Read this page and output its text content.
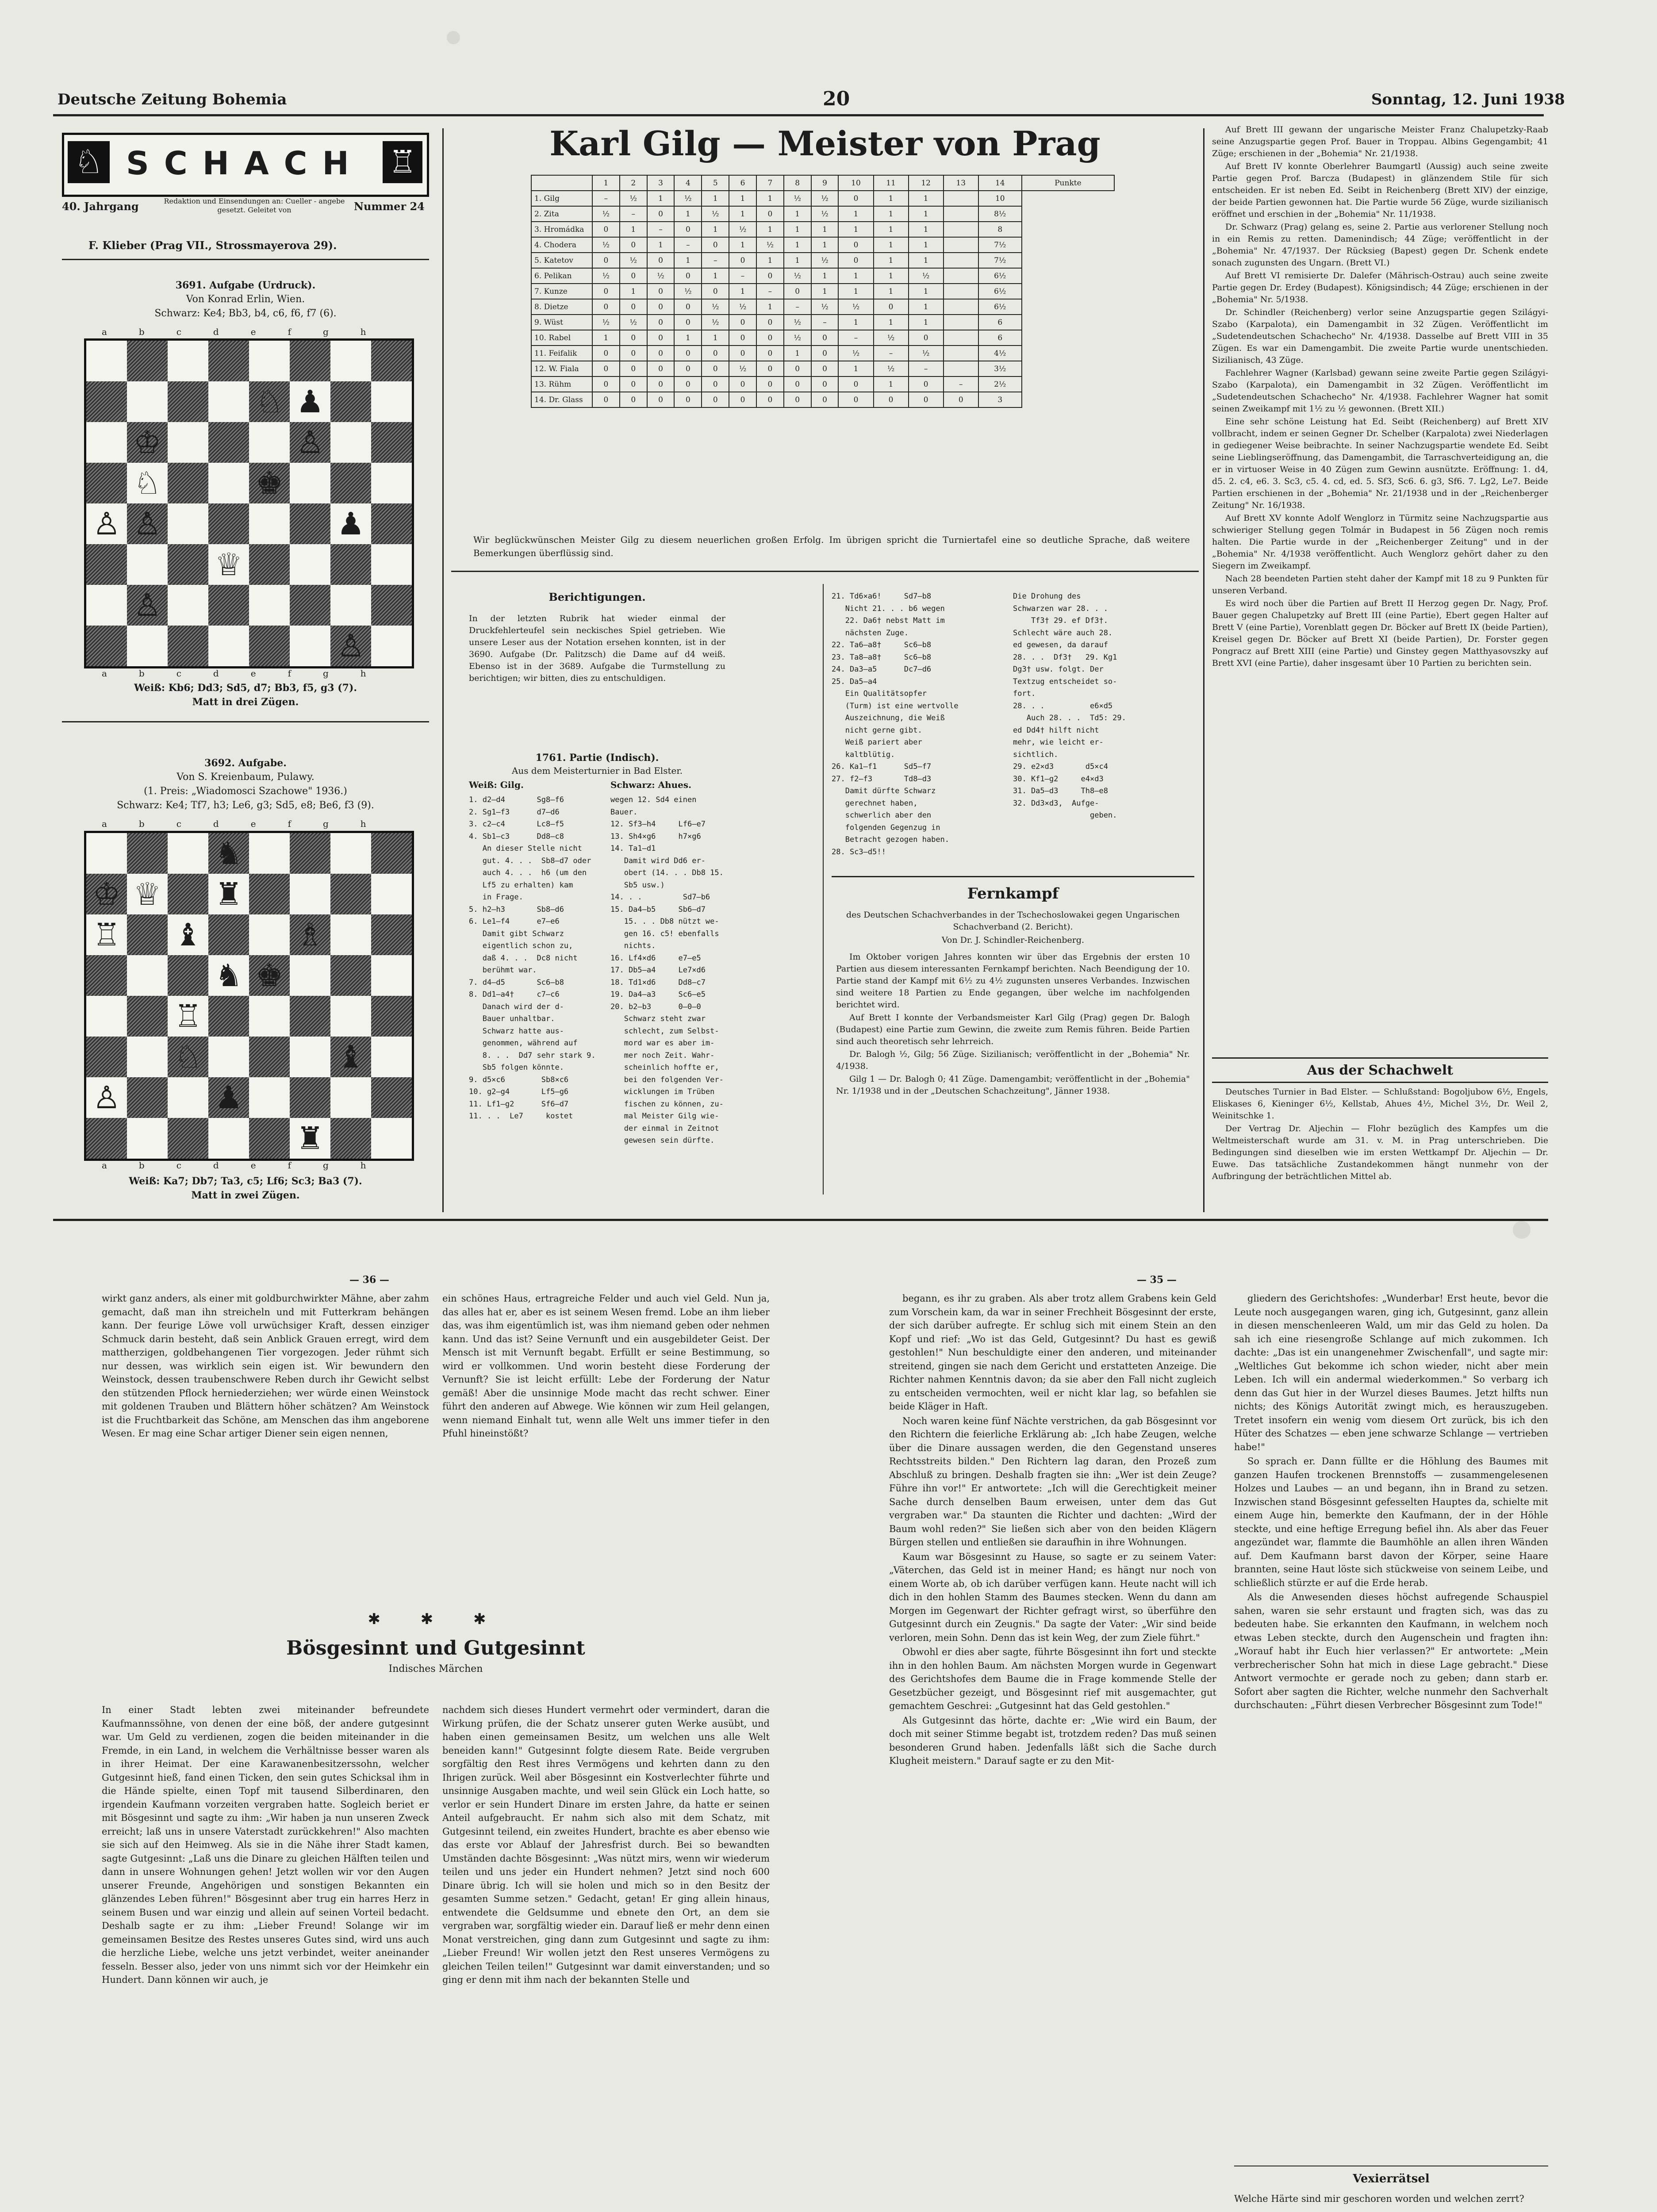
Deutsche Zeitung Bohemia	20	Sonntag, 12. Juni 1938
♘ SCHACH ♖
40. Jahrgang	Redaktion und Einsendungen an: Cueller - angebe gesetzt. Geleitet von	Nummer 24
F. Klieber (Prag VII., Strossmayerova 29).
3691. Aufgabe (Urdruck).
Von Konrad Erlin, Wien.
Schwarz: Ke4; Bb3, b4, c6, f6, f7 (6).
abcdefgh
♘ ♟
♔	♙
♘	♚
♙ ♙	♟
♕
♙
♙
abcdefgh
Weiß: Kb6; Dd3; Sd5, d7; Bb3, f5, g3 (7).
Matt in drei Zügen.
3692. Aufgabe.
Von S. Kreienbaum, Pulawy.
(1. Preis: „Wiadomosci Szachowe" 1936.)
Schwarz: Ke4; Tf7, h3; Le6, g3; Sd5, e8; Be6, f3 (9).
abcdefgh
♞
♔ ♕ ♜
♖ ♝	♗
♞ ♚
♖
♘	♝
♙	♟
♜
abcdefgh
Weiß: Ka7; Db7; Ta3, c5; Lf6; Sc3; Ba3 (7).
Matt in zwei Zügen.
Karl Gilg — Meister von Prag
	1	2	3	4	5	6	7	8	9	10	11	12	13	14	Punkte
1. Gilg	–	½	1	½	1	1	1	½	½	0	1	1		10	
2. Zita	½	–	0	1	½	1	0	1	½	1	1	1		8½	
3. Hromádka	0	1	–	0	1	½	1	1	1	1	1	1		8	
4. Chodera	½	0	1	–	0	1	½	1	1	0	1	1		7½	
5. Katetov	0	½	0	1	–	0	1	1	½	0	1	1		7½	
6. Pelikan	½	0	½	0	1	–	0	½	1	1	1	½		6½	
7. Kunze	0	1	0	½	0	1	–	0	1	1	1	1		6½	
8. Dietze	0	0	0	0	½	½	1	–	½	½	0	1		6½	
9. Wüst	½	½	0	0	½	0	0	½	–	1	1	1		6	
10. Rabel	1	0	0	1	1	0	0	½	0	–	½	0		6	
11. Feifalik	0	0	0	0	0	0	0	1	0	½	–	½		4½	
12. W. Fiala	0	0	0	0	0	½	0	0	0	1	½	–		3½	
13. Rühm	0	0	0	0	0	0	0	0	0	0	1	0	–	2½	
14. Dr. Glass	0	0	0	0	0	0	0	0	0	0	0	0	0	3	
Wir beglückwünschen Meister Gilg zu diesem neuerlichen großen Erfolg. Im übrigen spricht die Turniertafel eine so deutliche Sprache, daß weitere Bemerkungen überflüssig sind.
Berichtigungen.
In der letzten Rubrik hat wieder einmal der Druckfehlerteufel sein neckisches Spiel getrieben. Wie unsere Leser aus der Notation ersehen konnten, ist in der 3690. Aufgabe (Dr. Palitzsch) die Dame auf d4 weiß. Ebenso ist in der 3689. Aufgabe die Turmstellung zu berichtigen; wir bitten, dies zu entschuldigen.
1761. Partie (Indisch).
Aus dem Meisterturnier in Bad Elster.
Weiß: Gilg.	Schwarz: Ahues.
1. d2—d4       Sg8—f6
2. Sg1—f3      d7—d6
3. c2—c4       Lc8—f5
4. Sb1—c3      Dd8—c8
An dieser Stelle nicht
gut. 4. . .  Sb8—d7 oder
auch 4. . .  h6 (um den
Lf5 zu erhalten) kam
in Frage.
5. h2—h3       Sb8—d6
6. Le1—f4      e7—e6
Damit gibt Schwarz
eigentlich schon zu,
daß 4. . .  Dc8 nicht
berühmt war.
7. d4—d5       Sc6—b8
8. Dd1—a4†     c7—c6
Danach wird der d-
Bauer unhaltbar.
Schwarz hatte aus-
genommen, während auf
8. . .  Dd7 sehr stark 9.
Sb5 folgen könnte.
9. d5×c6        Sb8×c6
10. g2—g4       Lf5—g6
11. Lf1—g2      Sf6—d7
11. . .  Le7     kostet
wegen 12. Sd4 einen
Bauer.
12. Sf3—h4     Lf6—e7
13. Sh4×g6     h7×g6
14. Ta1—d1
Damit wird Dd6 er-
obert (14. . . Db8 15.
Sb5 usw.)
14. . .         Sd7—b6
15. Da4—b5     Sb6—d7
15. . . Db8 nützt we-
gen 16. c5! ebenfalls
nichts.
16. Lf4×d6     e7—e5
17. Db5—a4     Le7×d6
18. Td1×d6     Dd8—c7
19. Da4—a3     Sc6—e5
20. b2—b3      0—0—0
Schwarz steht zwar
schlecht, zum Selbst-
mord war es aber im-
mer noch Zeit. Wahr-
scheinlich hoffte er,
bei den folgenden Ver-
wicklungen im Trüben
fischen zu können, zu-
mal Meister Gilg wie-
der einmal in Zeitnot
gewesen sein dürfte.
21. Td6×a6!     Sd7—b8
Nicht 21. . . b6 wegen
22. Da6† nebst Matt im
nächsten Zuge.
22. Ta6—a8†     Sc6—b8
23. Ta8—a8†     Sc6—b8
24. Da3—a5      Dc7—d6
25. Da5—a4
Ein Qualitätsopfer
(Turm) ist eine wertvolle
Auszeichnung, die Weiß
nicht gerne gibt.
Weiß pariert aber
kaltblütig.
26. Ka1—f1      Sd5—f7
27. f2—f3       Td8—d3
Damit dürfte Schwarz
gerechnet haben,
schwerlich aber den
folgenden Gegenzug in
Betracht gezogen haben.
28. Sc3—d5!!
Die Drohung des
Schwarzen war 28. . .
Tf3† 29. ef Df3†.
Schlecht wäre auch 28.
ed gewesen, da darauf
28. . .  Df3†   29. Kg1
Dg3† usw. folgt. Der
Textzug entscheidet so-
fort.
28. . .          e6×d5
Auch 28. . .  Td5: 29.
ed Dd4† hilft nicht
mehr, wie leicht er-
sichtlich.
29. e2×d3       d5×c4
30. Kf1—g2     e4×d3
31. Da5—d3     Th8—e8
32. Dd3×d3,  Aufge-
geben.
Fernkampf
des Deutschen Schachverbandes in der Tschechoslowakei gegen Ungarischen Schachverband (2. Bericht).
Von Dr. J. Schindler-Reichenberg.

Im Oktober vorigen Jahres konnten wir über das Ergebnis der ersten 10 Partien aus diesem interessanten Fernkampf berichten. Nach Beendigung der 10. Partie stand der Kampf mit 6½ zu 4½ zugunsten unseres Verbandes. Inzwischen sind weitere 18 Partien zu Ende gegangen, über welche im nachfolgenden berichtet wird.

Auf Brett I konnte der Verbandsmeister Karl Gilg (Prag) gegen Dr. Balogh (Budapest) eine Partie zum Gewinn, die zweite zum Remis führen. Beide Partien sind auch theoretisch sehr lehrreich.

Dr. Balogh ½, Gilg; 56 Züge. Sizilianisch; veröffentlicht in der „Bohemia" Nr. 4/1938.

Gilg 1 — Dr. Balogh 0; 41 Züge. Damengambit; veröffentlicht in der „Bohemia" Nr. 1/1938 und in der „Deutschen Schachzeitung", Jänner 1938.

Auf Brett III gewann der ungarische Meister Franz Chalupetzky-Raab seine Anzugspartie gegen Prof. Bauer in Troppau. Albins Gegengambit; 41 Züge; erschienen in der „Bohemia" Nr. 21/1938.

Auf Brett IV konnte Oberlehrer Baumgartl (Aussig) auch seine zweite Partie gegen Prof. Barcza (Budapest) in glänzendem Stile für sich entscheiden. Er ist neben Ed. Seibt in Reichenberg (Brett XIV) der einzige, der beide Partien gewonnen hat. Die Partie wurde 56 Züge, wurde sizilianisch eröffnet und erschien in der „Bohemia" Nr. 11/1938.

Dr. Schwarz (Prag) gelang es, seine 2. Partie aus verlorener Stellung noch in ein Remis zu retten. Damenindisch; 44 Züge; veröffentlicht in der „Bohemia" Nr. 47/1937. Der Rücksieg (Bapest) gegen Dr. Schenk endete sonach zugunsten des Ungarn. (Brett VI.)

Auf Brett VI remisierte Dr. Dalefer (Mährisch-Ostrau) auch seine zweite Partie gegen Dr. Erdey (Budapest). Königsindisch; 44 Züge; erschienen in der „Bohemia" Nr. 5/1938.

Dr. Schindler (Reichenberg) verlor seine Anzugspartie gegen Szilágyi-Szabo (Karpalota), ein Damengambit in 32 Zügen. Veröffentlicht im „Sudetendeutschen Schachecho" Nr. 4/1938. Dasselbe auf Brett VIII in 35 Zügen. Es war ein Damengambit. Die zweite Partie wurde unentschieden. Sizilianisch, 43 Züge.

Fachlehrer Wagner (Karlsbad) gewann seine zweite Partie gegen Szilágyi-Szabo (Karpalota), ein Damengambit in 32 Zügen. Veröffentlicht im „Sudetendeutschen Schachecho" Nr. 4/1938. Fachlehrer Wagner hat somit seinen Zweikampf mit 1½ zu ½ gewonnen. (Brett XII.)

Eine sehr schöne Leistung hat Ed. Seibt (Reichenberg) auf Brett XIV vollbracht, indem er seinen Gegner Dr. Schelber (Karpalota) zwei Niederlagen in gediegener Weise beibrachte. In seiner Nachzugspartie wendete Ed. Seibt seine Lieblingseröffnung, das Damengambit, die Tarraschverteidigung an, die er in virtuoser Weise in 40 Zügen zum Gewinn ausnützte. Eröffnung: 1. d4, d5. 2. c4, e6. 3. Sc3, c5. 4. cd, ed. 5. Sf3, Sc6. 6. g3, Sf6. 7. Lg2, Le7. Beide Partien erschienen in der „Bohemia" Nr. 21/1938 und in der „Reichenberger Zeitung" Nr. 16/1938.

Auf Brett XV konnte Adolf Wenglorz in Türmitz seine Nachzugspartie aus schwieriger Stellung gegen Tolmár in Budapest in 56 Zügen noch remis halten. Die Partie wurde in der „Reichenberger Zeitung" und in der „Bohemia" Nr. 4/1938 veröffentlicht. Auch Wenglorz gehört daher zu den Siegern im Zweikampf.

Nach 28 beendeten Partien steht daher der Kampf mit 18 zu 9 Punkten für unseren Verband.

Es wird noch über die Partien auf Brett II Herzog gegen Dr. Nagy, Prof. Bauer gegen Chalupetzky auf Brett III (eine Partie), Ebert gegen Halter auf Brett V (eine Partie), Vorenblatt gegen Dr. Böcker auf Brett IX (beide Partien), Kreisel gegen Dr. Böcker auf Brett XI (beide Partien), Dr. Forster gegen Pongracz auf Brett XIII (eine Partie) und Ginstey gegen Matthyasovszky auf Brett XVI (eine Partie), daher insgesamt über 10 Partien zu berichten sein.

Aus der Schachwelt

Deutsches Turnier in Bad Elster. — Schlußstand: Bogoljubow 6½, Engels, Eliskases 6, Kieninger 6½, Kellstab, Ahues 4½, Michel 3½, Dr. Weil 2, Weinitschke 1.

Der Vertrag Dr. Aljechin — Flohr bezüglich des Kampfes um die Weltmeisterschaft wurde am 31. v. M. in Prag unterschrieben. Die Bedingungen sind dieselben wie im ersten Wettkampf Dr. Aljechin — Dr. Euwe. Das tatsächliche Zustandekommen hängt nunmehr von der Aufbringung der beträchtlichen Mittel ab.

— 36 —	— 35 —
wirkt ganz anders, als einer mit goldburchwirkter Mähne, aber zahm gemacht, daß man ihn streicheln und mit Futterkram behängen kann. Der feurige Löwe voll urwüchsiger Kraft, dessen einziger Schmuck darin besteht, daß sein Anblick Grauen erregt, wird dem mattherzigen, goldbehangenen Tier vorgezogen. Jeder rühmt sich nur dessen, was wirklich sein eigen ist. Wir bewundern den Weinstock, dessen traubenschwere Reben durch ihr Gewicht selbst den stützenden Pflock herniederziehen; wer würde einen Weinstock mit goldenen Trauben und Blättern höher schätzen? Am Weinstock ist die Fruchtbarkeit das Schöne, am Menschen das ihm angeborene Wesen. Er mag eine Schar artiger Diener sein eigen nennen,
ein schönes Haus, ertragreiche Felder und auch viel Geld. Nun ja, das alles hat er, aber es ist seinem Wesen fremd. Lobe an ihm lieber das, was ihm eigentümlich ist, was ihm niemand geben oder nehmen kann. Und das ist? Seine Vernunft und ein ausgebildeter Geist. Der Mensch ist mit Vernunft begabt. Erfüllt er seine Bestimmung, so wird er vollkommen. Und worin besteht diese Forderung der Vernunft? Sie ist leicht erfüllt: Lebe der Forderung der Natur gemäß! Aber die unsinnige Mode macht das recht schwer. Einer führt den anderen auf Abwege. Wie können wir zum Heil gelangen, wenn niemand Einhalt tut, wenn alle Welt uns immer tiefer in den Pfuhl hineinstößt?
✱ ✱ ✱
Bösgesinnt und Gutgesinnt
Indisches Märchen
In einer Stadt lebten zwei miteinander befreundete Kaufmannssöhne, von denen der eine böß, der andere gutgesinnt war. Um Geld zu verdienen, zogen die beiden miteinander in die Fremde, in ein Land, in welchem die Verhältnisse besser waren als in ihrer Heimat. Der eine Karawanenbesitzerssohn, welcher Gutgesinnt hieß, fand einen Ticken, den sein gutes Schicksal ihm in die Hände spielte, einen Topf mit tausend Silberdinaren, den irgendein Kaufmann vorzeiten vergraben hatte. Sogleich beriet er mit Bösgesinnt und sagte zu ihm: „Wir haben ja nun unseren Zweck erreicht; laß uns in unsere Vaterstadt zurückkehren!" Also machten sie sich auf den Heimweg. Als sie in die Nähe ihrer Stadt kamen, sagte Gutgesinnt: „Laß uns die Dinare zu gleichen Hälften teilen und dann in unsere Wohnungen gehen! Jetzt wollen wir vor den Augen unserer Freunde, Angehörigen und sonstigen Bekannten ein glänzendes Leben führen!" Bösgesinnt aber trug ein harres Herz in seinem Busen und war einzig und allein auf seinen Vorteil bedacht. Deshalb sagte er zu ihm: „Lieber Freund! Solange wir im gemeinsamen Besitze des Restes unseres Gutes sind, wird uns auch die herzliche Liebe, welche uns jetzt verbindet, weiter aneinander fesseln. Besser also, jeder von uns nimmt sich vor der Heimkehr ein Hundert. Dann können wir auch, je
nachdem sich dieses Hundert vermehrt oder vermindert, daran die Wirkung prüfen, die der Schatz unserer guten Werke ausübt, und haben einen gemeinsamen Besitz, um welchen uns alle Welt beneiden kann!" Gutgesinnt folgte diesem Rate. Beide vergruben sorgfältig den Rest ihres Vermögens und kehrten dann zu den Ihrigen zurück. Weil aber Bösgesinnt ein Kostverlechter führte und unsinnige Ausgaben machte, und weil sein Glück ein Loch hatte, so verlor er sein Hundert Dinare im ersten Jahre, da hatte er seinen Anteil aufgebraucht. Er nahm sich also mit dem Schatz, mit Gutgesinnt teilend, ein zweites Hundert, brachte es aber ebenso wie das erste vor Ablauf der Jahresfrist durch. Bei so bewandten Umständen dachte Bösgesinnt: „Was nützt mirs, wenn wir wiederum teilen und uns jeder ein Hundert nehmen? Jetzt sind noch 600 Dinare übrig. Ich will sie holen und mich so in den Besitz der gesamten Summe setzen." Gedacht, getan! Er ging allein hinaus, entwendete die Geldsumme und ebnete den Ort, an dem sie vergraben war, sorgfältig wieder ein. Darauf ließ er mehr denn einen Monat verstreichen, ging dann zum Gutgesinnt und sagte zu ihm: „Lieber Freund! Wir wollen jetzt den Rest unseres Vermögens zu gleichen Teilen teilen!" Gutgesinnt war damit einverstanden; und so ging er denn mit ihm nach der bekannten Stelle und

begann, es ihr zu graben. Als aber trotz allem Grabens kein Geld zum Vorschein kam, da war in seiner Frechheit Bösgesinnt der erste, der sich darüber aufregte. Er schlug sich mit einem Stein an den Kopf und rief: „Wo ist das Geld, Gutgesinnt? Du hast es gewiß gestohlen!" Nun beschuldigte einer den anderen, und miteinander streitend, gingen sie nach dem Gericht und erstatteten Anzeige. Die Richter nahmen Kenntnis davon; da sie aber den Fall nicht zugleich zu entscheiden vermochten, weil er nicht klar lag, so befahlen sie beide Kläger in Haft.

Noch waren keine fünf Nächte verstrichen, da gab Bösgesinnt vor den Richtern die feierliche Erklärung ab: „Ich habe Zeugen, welche über die Dinare aussagen werden, die den Gegenstand unseres Rechtsstreits bilden." Den Richtern lag daran, den Prozeß zum Abschluß zu bringen. Deshalb fragten sie ihn: „Wer ist dein Zeuge? Führe ihn vor!" Er antwortete: „Ich will die Gerechtigkeit meiner Sache durch denselben Baum erweisen, unter dem das Gut vergraben war." Da staunten die Richter und dachten: „Wird der Baum wohl reden?" Sie ließen sich aber von den beiden Klägern Bürgen stellen und entließen sie daraufhin in ihre Wohnungen.

Kaum war Bösgesinnt zu Hause, so sagte er zu seinem Vater: „Väterchen, das Geld ist in meiner Hand; es hängt nur noch von einem Worte ab, ob ich darüber verfügen kann. Heute nacht will ich dich in den hohlen Stamm des Baumes stecken. Wenn du dann am Morgen im Gegenwart der Richter gefragt wirst, so überführe den Gutgesinnt durch ein Zeugnis." Da sagte der Vater: „Wir sind beide verloren, mein Sohn. Denn das ist kein Weg, der zum Ziele führt."

Obwohl er dies aber sagte, führte Bösgesinnt ihn fort und steckte ihn in den hohlen Baum. Am nächsten Morgen wurde in Gegenwart des Gerichtshofes dem Baume die in Frage kommende Stelle der Gesetzbücher gezeigt, und Bösgesinnt rief mit ausgemachter, gut gemachtem Geschrei: „Gutgesinnt hat das Geld gestohlen."

Als Gutgesinnt das hörte, dachte er: „Wie wird ein Baum, der doch mit seiner Stimme begabt ist, trotzdem reden? Das muß seinen besonderen Grund haben. Jedenfalls läßt sich die Sache durch Klugheit meistern." Darauf sagte er zu den Mit-

gliedern des Gerichtshofes: „Wunderbar! Erst heute, bevor die Leute noch ausgegangen waren, ging ich, Gutgesinnt, ganz allein in diesen menschenleeren Wald, um mir das Geld zu holen. Da sah ich eine riesengroße Schlange auf mich zukommen. Ich dachte: „Das ist ein unangenehmer Zwischenfall", und sagte mir: „Weltliches Gut bekomme ich schon wieder, nicht aber mein Leben. Ich will ein andermal wiederkommen." So verbarg ich denn das Gut hier in der Wurzel dieses Baumes. Jetzt hilfts nun nichts; des Königs Autorität zwingt mich, es herauszugeben. Tretet insofern ein wenig vom diesem Ort zurück, bis ich den Hüter des Schatzes — eben jene schwarze Schlange — vertrieben habe!"

So sprach er. Dann füllte er die Höhlung des Baumes mit ganzen Haufen trockenen Brennstoffs — zusammengelesenen Holzes und Laubes — an und begann, ihn in Brand zu setzen. Inzwischen stand Bösgesinnt gefesselten Hauptes da, schielte mit einem Auge hin, bemerkte den Kaufmann, der in der Höhle steckte, und eine heftige Erregung befiel ihn. Als aber das Feuer angezündet war, flammte die Baumhöhle an allen ihren Wänden auf. Dem Kaufmann barst davon der Körper, seine Haare brannten, seine Haut löste sich stückweise von seinem Leibe, und schließlich stürzte er auf die Erde herab.

Als die Anwesenden dieses höchst aufregende Schauspiel sahen, waren sie sehr erstaunt und fragten sich, was das zu bedeuten habe. Sie erkannten den Kaufmann, in welchem noch etwas Leben steckte, durch den Augenschein und fragten ihn: „Worauf habt ihr Euch hier verlassen?" Er antwortete: „Mein verbrecherischer Sohn hat mich in diese Lage gebracht." Diese Antwort vermochte er gerade noch zu geben; dann starb er. Sofort aber sagten die Richter, welche nunmehr den Sachverhalt durchschauten: „Führt diesen Verbrecher Bösgesinnt zum Tode!"

Vexierrätsel
Welche Härte sind mir geschoren worden und welchen zerrt?
